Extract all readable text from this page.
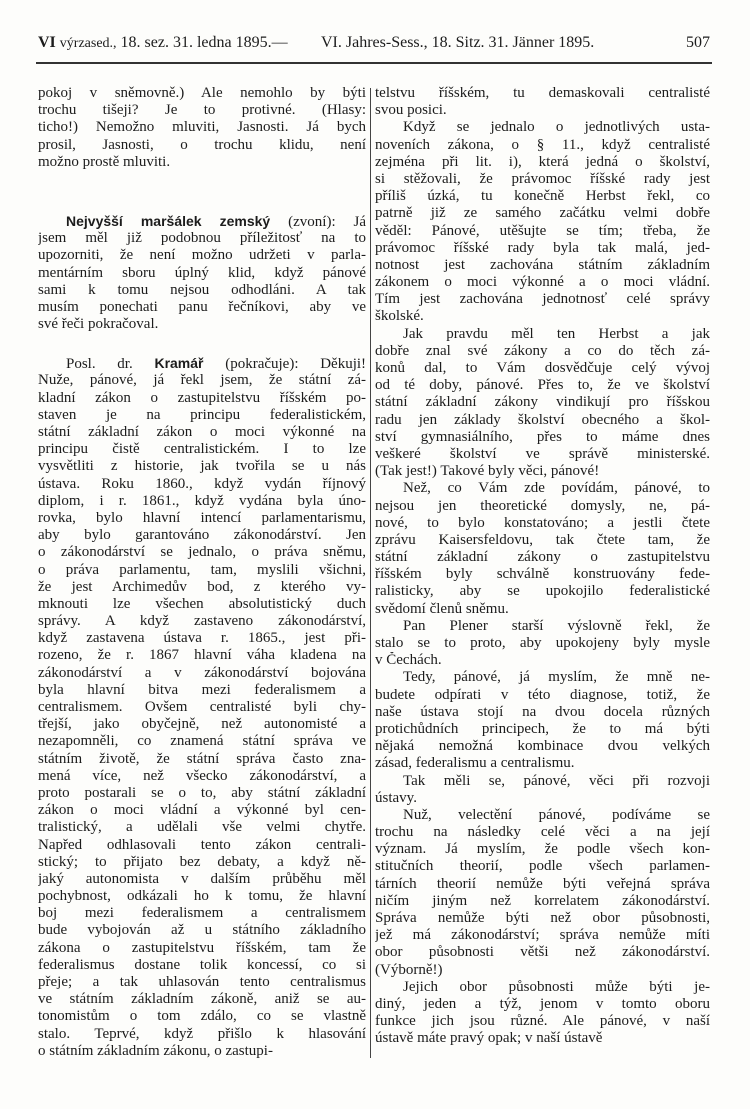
VI výrzased., 18. sez. 31. ledna 1895.— VI. Jahres-Sess., 18. Sitz. 31. Jänner 1895.	507
pokoj v sněmovně.) Ale nemohlo by býti
trochu tišeji? Je to protivné. (Hlasy:
ticho!) Nemožno mluviti, Jasnosti. Já bych
prosil, Jasnosti, o trochu klidu, není
možno prostě mluviti.
Nejvyšší maršálek zemský (zvoní): Já
jsem měl již podobnou příležitosť na to
upozorniti, že není možno udržeti v parla-
mentárním sboru úplný klid, když pánové
sami k tomu nejsou odhodláni. A tak
musím ponechati panu řečníkovi, aby ve
své řeči pokračoval.
Posl. dr. Kramář (pokračuje): Děkuji!
Nuže, pánové, já řekl jsem, že státní zá-
kladní zákon o zastupitelstvu říšském po-
staven je na principu federalistickém,
státní základní zákon o moci výkonné na
principu čistě centralistickém. I to lze
vysvětliti z historie, jak tvořila se u nás
ústava. Roku 1860., když vydán říjnový
diplom, i r. 1861., když vydána byla úno-
rovka, bylo hlavní intencí parlamentarismu,
aby bylo garantováno zákonodárství. Jen
o zákonodárství se jednalo, o práva sněmu,
o práva parlamentu, tam, myslili všichni,
že jest Archimedův bod, z kterého vy-
mknouti lze všechen absolutistický duch
správy. A když zastaveno zákonodárství,
když zastavena ústava r. 1865., jest při-
rozeno, že r. 1867 hlavní váha kladena na
zákonodárství a v zákonodárství bojována
byla hlavní bitva mezi federalismem a
centralismem. Ovšem centralisté byli chy-
třejší, jako obyčejně, než autonomisté a
nezapomněli, co znamená státní správa ve
státním životě, že státní správa často zna-
mená více, než všecko zákonodárství, a
proto postarali se o to, aby státní základní
zákon o moci vládní a výkonné byl cen-
tralistický, a udělali vše velmi chytře.
Napřed odhlasovali tento zákon centrali-
stický; to přijato bez debaty, a když ně-
jaký autonomista v dalším průběhu měl
pochybnost, odkázali ho k tomu, že hlavní
boj mezi federalismem a centralismem
bude vybojován až u státního základního
zákona o zastupitelstvu říšském, tam že
federalismus dostane tolik koncessí, co si
přeje; a tak uhlasován tento centralismus
ve státním základním zákoně, aniž se au-
tonomistům o tom zdálo, co se vlastně
stalo. Teprvé, když přišlo k hlasování
o státním základním zákonu, o zastupi-
telstvu říšském, tu demaskovali centralisté
svou posici.
Když se jednalo o jednotlivých usta-
noveních zákona, o § 11., když centralisté
zejména při lit. i), která jedná o školství,
si stěžovali, že právomoc říšské rady jest
příliš úzká, tu konečně Herbst řekl, co
patrně již ze samého začátku velmi dobře
věděl: Pánové, utěšujte se tím; třeba, že
právomoc říšské rady byla tak malá, jed-
notnost jest zachována státním základním
zákonem o moci výkonné a o moci vládní.
Tím jest zachována jednotnosť celé správy
školské.
Jak pravdu měl ten Herbst a jak
dobře znal své zákony a co do těch zá-
konů dal, to Vám dosvědčuje celý vývoj
od té doby, pánové. Přes to, že ve školství
státní základní zákony vindikují pro říšskou
radu jen základy školství obecného a škol-
ství gymnasiálního, přes to máme dnes
veškeré školství ve správě ministerské.
(Tak jest!) Takové byly věci, pánové!
Než, co Vám zde povídám, pánové, to
nejsou jen theoretické domysly, ne, pá-
nové, to bylo konstatováno; a jestli čtete
zprávu Kaisersfeldovu, tak čtete tam, že
státní základní zákony o zastupitelstvu
říšském byly schválně konstruovány fede-
ralisticky, aby se upokojilo federalistické
svědomí členů sněmu.
Pan Plener starší výslovně řekl, že
stalo se to proto, aby upokojeny byly mysle
v Čechách.
Tedy, pánové, já myslím, že mně ne-
budete odpírati v této diagnose, totiž, že
naše ústava stojí na dvou docela různých
protichůdních principech, že to má býti
nějaká nemožná kombinace dvou velkých
zásad, federalismu a centralismu.
Tak měli se, pánové, věci při rozvoji
ústavy.
Nuž, velectění pánové, podíváme se
trochu na následky celé věci a na její
význam. Já myslím, že podle všech kon-
stitučních theorií, podle všech parlamen-
tárních theorií nemůže býti veřejná správa
ničím jiným než korrelatem zákonodárství.
Správa nemůže býti než obor působnosti,
jež má zákonodárství; správa nemůže míti
obor působnosti větši než zákonodárství.
(Výborně!)
Jejich obor působnosti může býti je-
diný, jeden a týž, jenom v tomto oboru
funkce jich jsou různé. Ale pánové, v naší
ústavě máte pravý opak; v naší ústavě
